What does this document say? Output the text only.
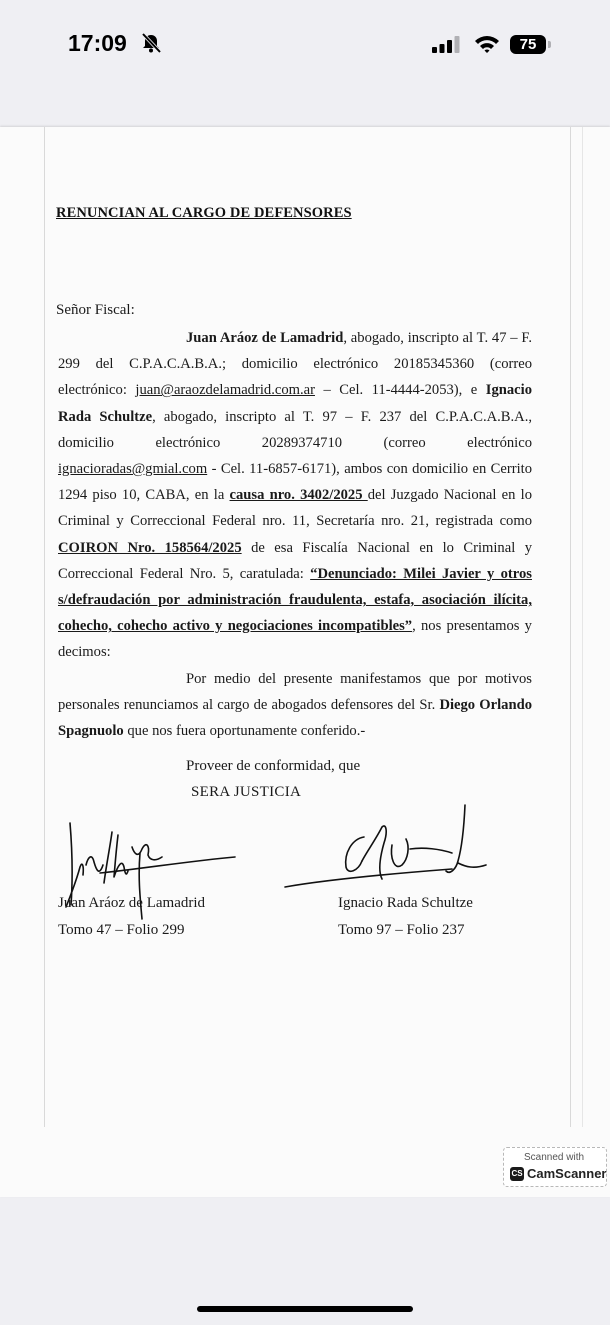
17:09	75
RENUNCIAN AL CARGO DE DEFENSORES
Señor Fiscal:

Juan Aráoz de Lamadrid, abogado, inscripto al T. 47 – F. 299 del C.P.A.C.A.B.A.; domicilio electrónico 20185345360 (correo electrónico: juan@araozdelamadrid.com.ar – Cel. 11-4444-2053), e Ignacio Rada Schultze, abogado, inscripto al T. 97 – F. 237 del C.P.A.C.A.B.A., domicilio electrónico 20289374710 (correo electrónico ignacioradas@gmial.com - Cel. 11-6857-6171), ambos con domicilio en Cerrito 1294 piso 10, CABA, en la causa nro. 3402/2025 del Juzgado Nacional en lo Criminal y Correccional Federal nro. 11, Secretaría nro. 21, registrada como COIRON Nro. 158564/2025 de esa Fiscalía Nacional en lo Criminal y Correccional Federal Nro. 5, caratulada: “Denunciado: Milei Javier y otros s/defraudación por administración fraudulenta, estafa, asociación ilícita, cohecho, cohecho activo y negociaciones incompatibles”, nos presentamos y decimos:

Por medio del presente manifestamos que por motivos personales renunciamos al cargo de abogados defensores del Sr. Diego Orlando Spagnuolo que nos fuera oportunamente conferido.-

Proveer de conformidad, que
SERA JUSTICIA
Juan Aráoz de Lamadrid
Tomo 47 – Folio 299
Ignacio Rada Schultze
Tomo 97 – Folio 237
Scanned with
CS CamScanner
